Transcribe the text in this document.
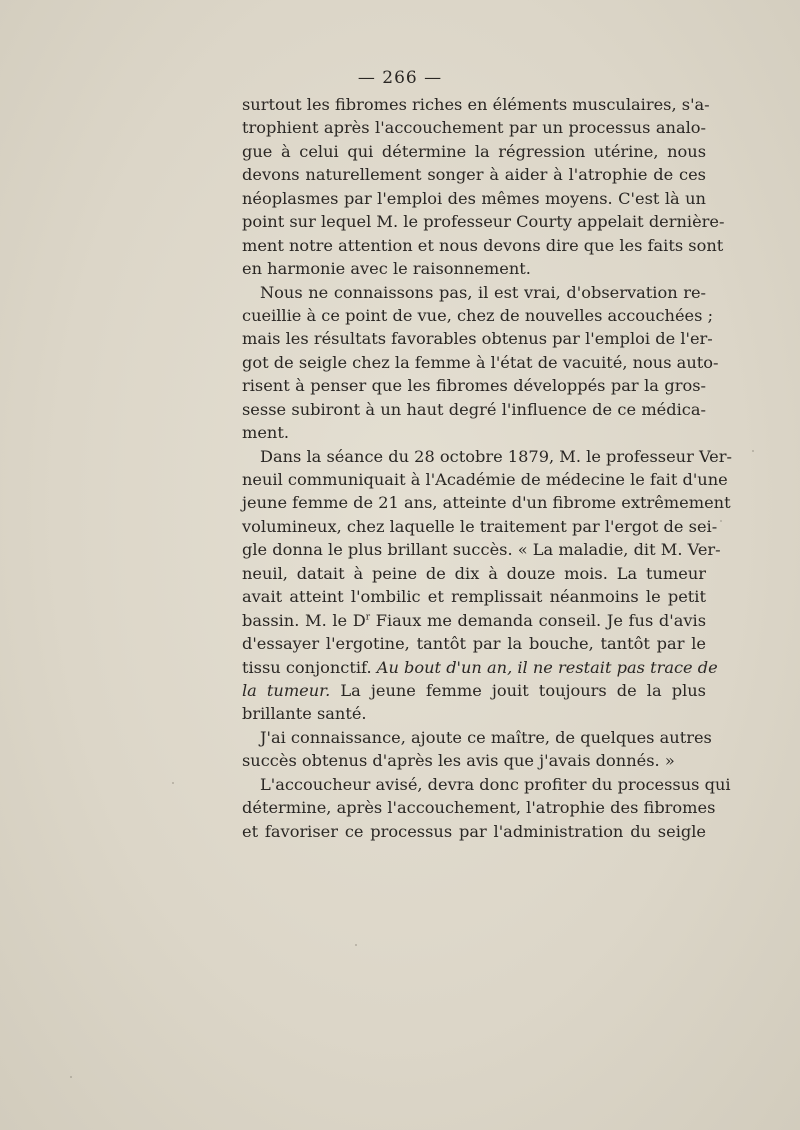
— 266 —
surtout les fibromes riches en éléments musculaires, s'a-
trophient après l'accouchement par un processus analo-
gue à celui qui détermine la régression utérine, nous
devons naturellement songer à aider à l'atrophie de ces
néoplasmes par l'emploi des mêmes moyens. C'est là un
point sur lequel M. le professeur Courty appelait dernière-
ment notre attention et nous devons dire que les faits sont
en harmonie avec le raisonnement.
Nous ne connaissons pas, il est vrai, d'observation re-
cueillie à ce point de vue, chez de nouvelles accouchées ;
mais les résultats favorables obtenus par l'emploi de l'er-
got de seigle chez la femme à l'état de vacuité, nous auto-
risent à penser que les fibromes développés par la gros-
sesse subiront à un haut degré l'influence de ce médica-
ment.
Dans la séance du 28 octobre 1879, M. le professeur Ver-
neuil communiquait à l'Académie de médecine le fait d'une
jeune femme de 21 ans, atteinte d'un fibrome extrêmement
volumineux, chez laquelle le traitement par l'ergot de sei-
gle donna le plus brillant succès. « La maladie, dit M. Ver-
neuil, datait à peine de dix à douze mois. La tumeur
avait atteint l'ombilic et remplissait néanmoins le petit
bassin. M. le $D^r$ Fiaux me demanda conseil. Je fus d'avis
d'essayer l'ergotine, tantôt par la bouche, tantôt par le
tissu conjonctif. Au bout d'un an, il ne restait pas trace de
la tumeur. La jeune femme jouit toujours de la plus
brillante santé.
J'ai connaissance, ajoute ce maître, de quelques autres
succès obtenus d'après les avis que j'avais donnés. »
L'accoucheur avisé, devra donc profiter du processus qui
détermine, après l'accouchement, l'atrophie des fibromes
et favoriser ce processus par l'administration du seigle
